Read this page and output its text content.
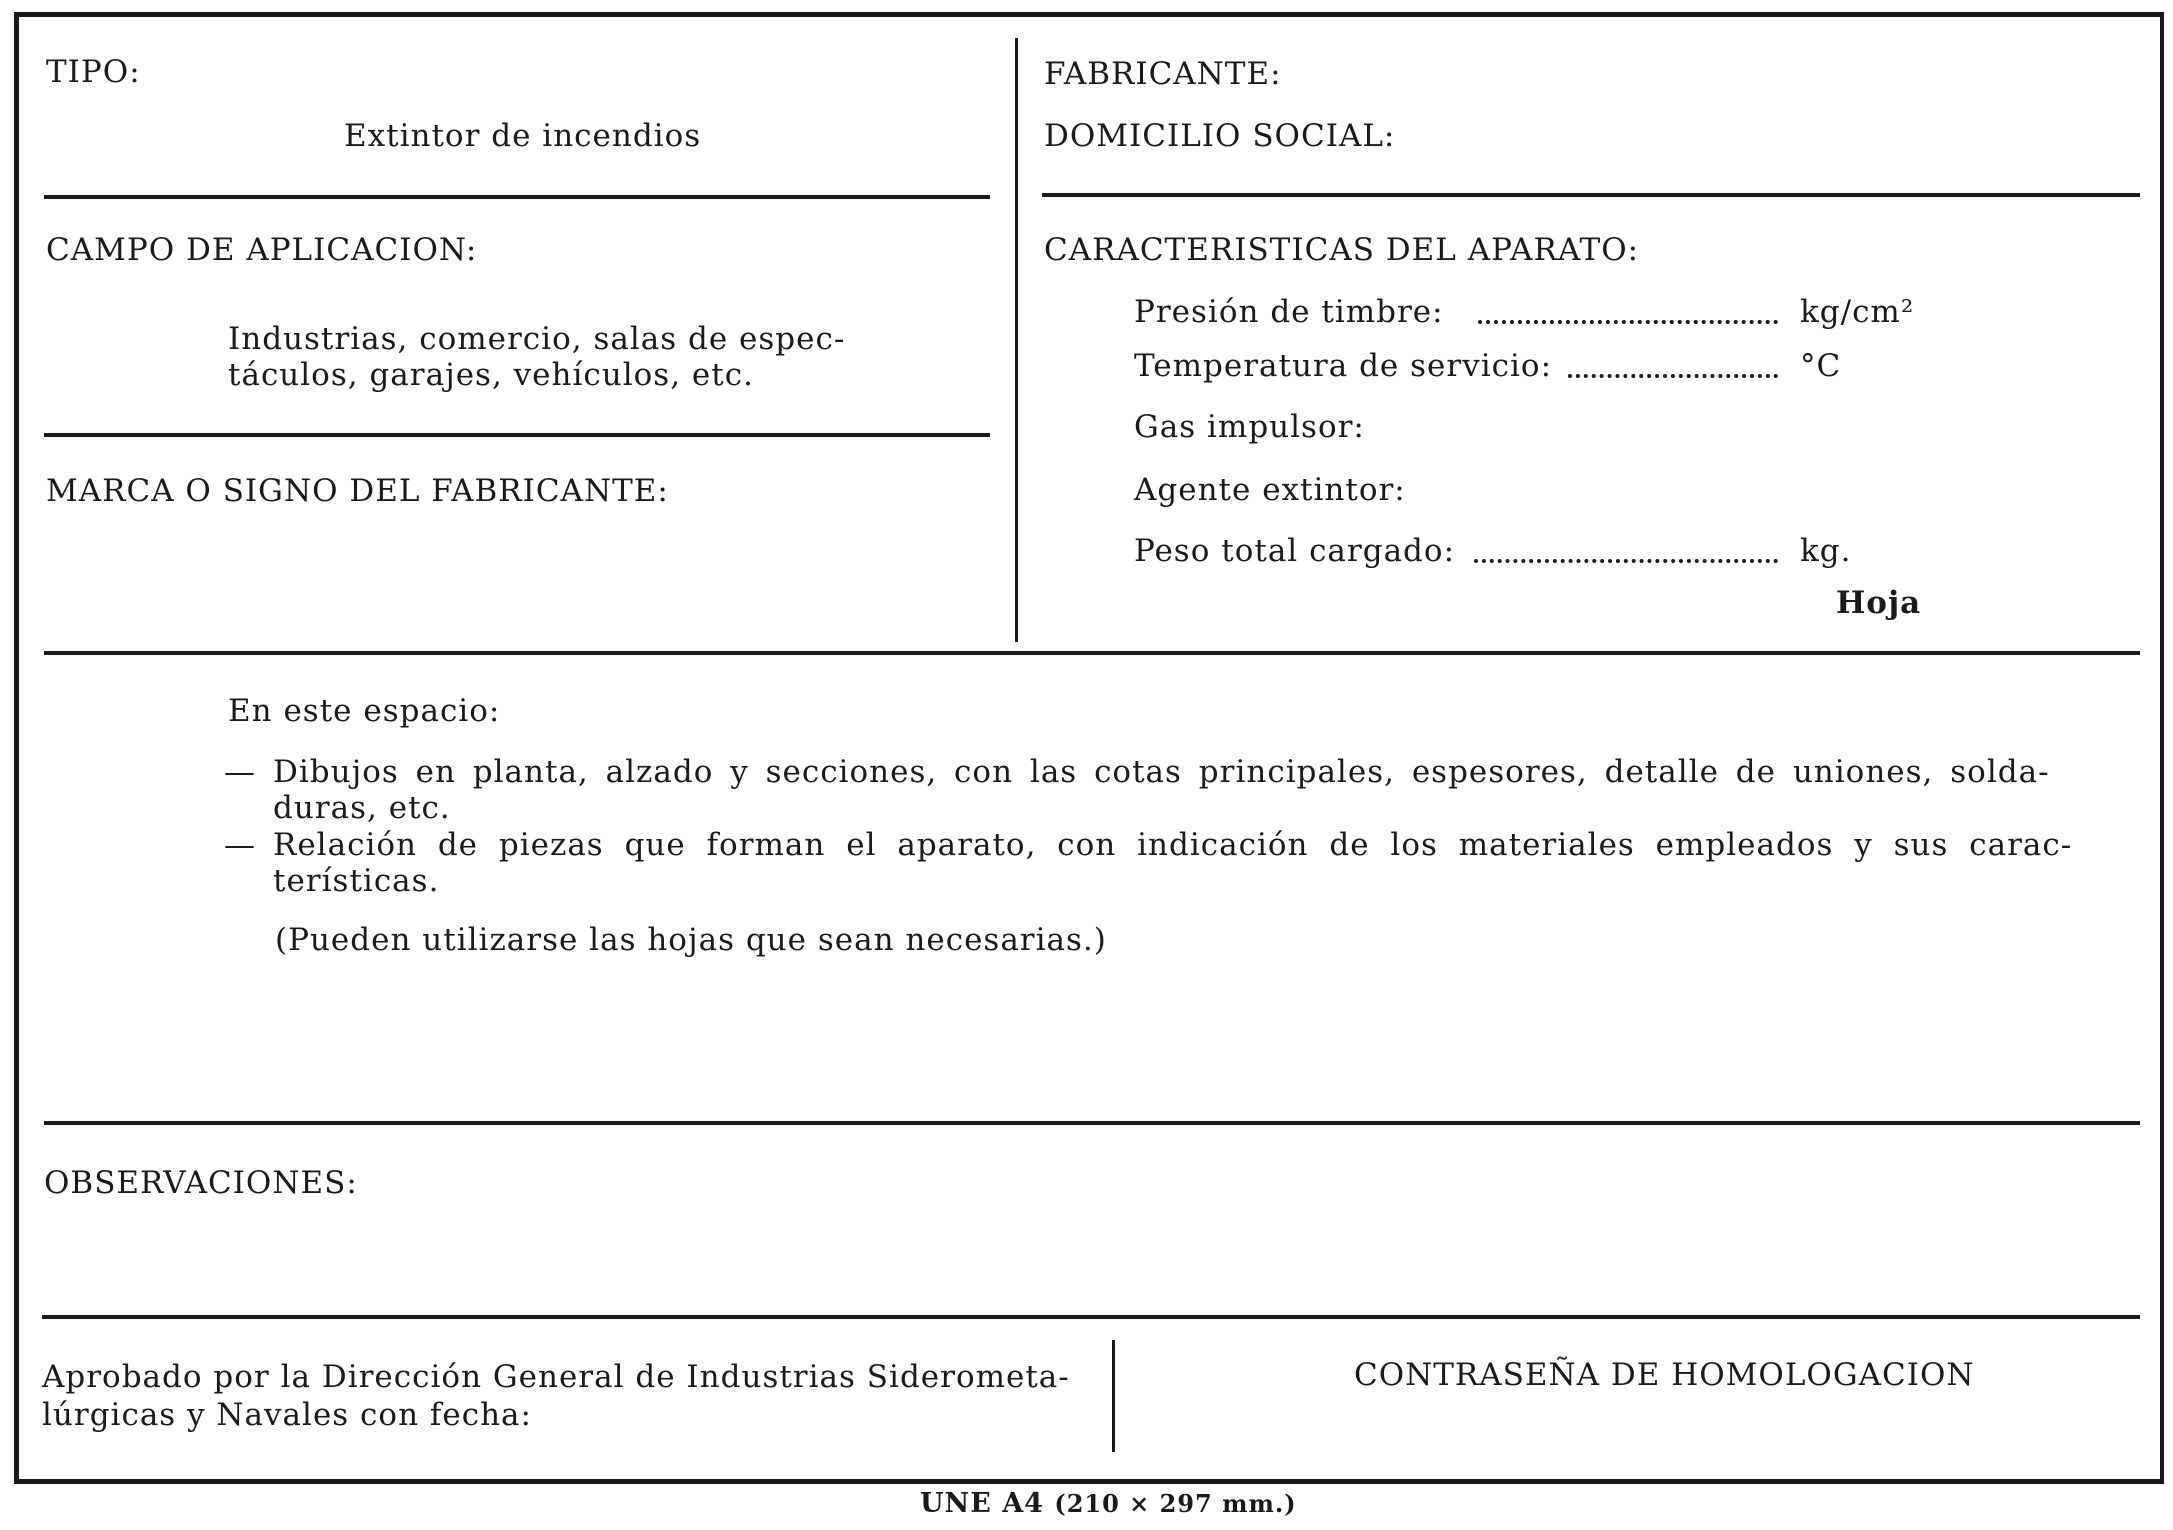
TIPO:
Extintor de incendios
FABRICANTE:
DOMICILIO SOCIAL:
CAMPO DE APLICACION:
Industrias, comercio, salas de espec-
táculos, garajes, vehículos, etc.
MARCA O SIGNO DEL FABRICANTE:
CARACTERISTICAS DEL APARATO:
Presión de timbre:	kg/cm²
Temperatura de servicio:	°C
Gas impulsor:
Agente extintor:
Peso total cargado:	kg.
Hoja
En este espacio:
— Dibujos en planta, alzado y secciones, con las cotas principales, espesores, detalle de uniones, solda-
duras, etc.
— Relación de piezas que forman el aparato, con indicación de los materiales empleados y sus carac-
terísticas.
(Pueden utilizarse las hojas que sean necesarias.)
OBSERVACIONES:
Aprobado por la Dirección General de Industrias Siderometa-
lúrgicas y Navales con fecha:
CONTRASEÑA DE HOMOLOGACION
UNE A4 (210 × 297 mm.)
